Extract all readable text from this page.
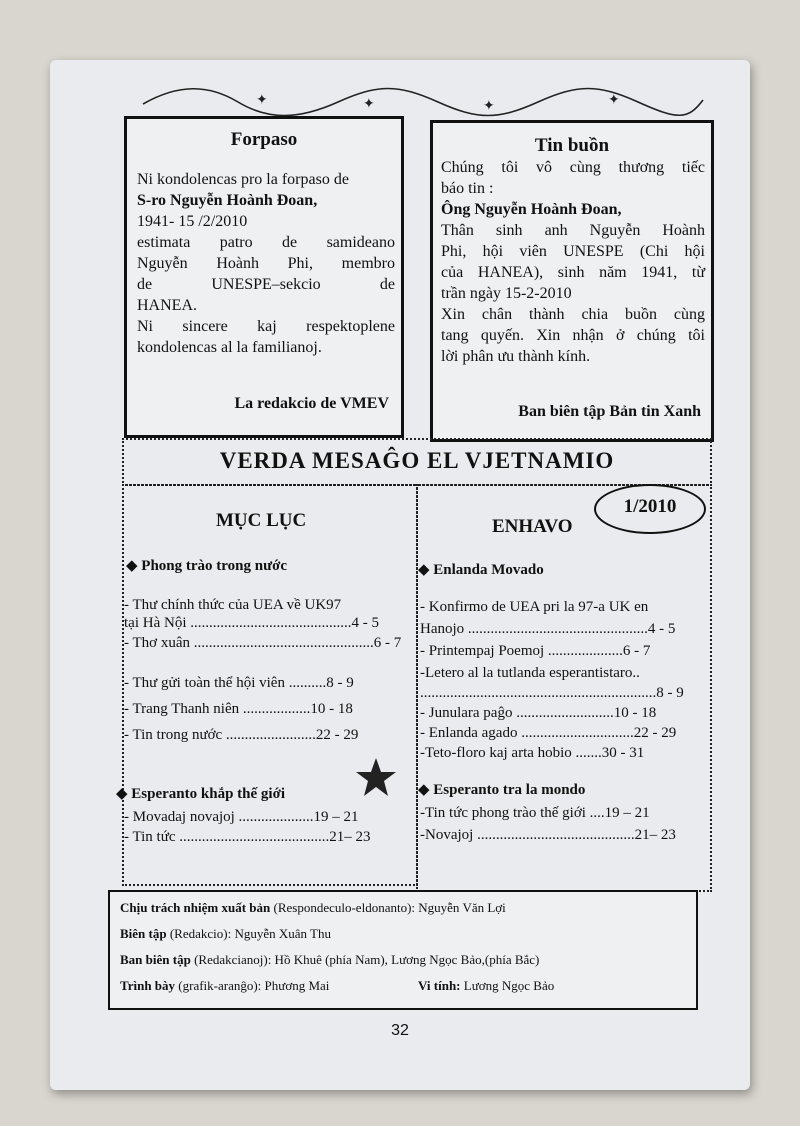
✦	✦	✦	✦
Forpaso
Ni kondolencas pro la forpaso de
S-ro Nguyễn Hoành Đoan,
1941- 15 /2/2010
estimata patro de samideano
Nguyễn Hoành Phi, membro
de UNESPE–sekcio de
HANEA.
Ni sincere kaj respektoplene
kondolencas al la familianoj.
La redakcio de VMEV
Tin buồn
Chúng tôi vô cùng thương tiếc
báo tin :
Ông Nguyễn Hoành Đoan,
Thân sinh anh Nguyễn Hoành
Phi, hội viên UNESPE (Chi hội
của HANEA), sinh năm 1941, từ
trần ngày 15-2-2010
Xin chân thành chia buồn cùng
tang quyến. Xin nhận ở chúng tôi
lời phân ưu thành kính.
Ban biên tập Bản tin Xanh
VERDA MESAĜO EL VJETNAMIO
1/2010
MỤC LỤC
◆ Phong trào trong nước
- Thư chính thức của UEA về UK97
tại Hà Nội ...........................................4 - 5
- Thơ xuân ................................................6 - 7
- Thư gửi toàn thể hội viên ..........8 - 9
- Trang Thanh niên ..................10 - 18
- Tin trong nước ........................22 - 29
◆ Esperanto khắp thế giới
- Movadaj novajoj ....................19 – 21
- Tin tức ........................................21– 23
ENHAVO
◆ Enlanda Movado
- Konfirmo de UEA pri la 97-a UK en
Hanojo ................................................4 - 5
- Printempaj Poemoj ....................6 - 7
-Letero al la tutlanda esperantistaro..
...............................................................8 - 9
- Junulara paĝo ..........................10 - 18
- Enlanda agado ..............................22 - 29
-Teto-floro kaj arta hobio .......30 - 31
◆ Esperanto tra la mondo
-Tin tức phong trào thế giới ....19 – 21
-Novajoj ..........................................21– 23
Chịu trách nhiệm xuất bản (Respondeculo-eldonanto): Nguyễn Văn Lợi
Biên tập (Redakcio): Nguyễn Xuân Thu
Ban biên tập (Redakcianoj): Hồ Khuê (phía Nam), Lương Ngọc Bảo,(phía Bắc)
Trình bày (grafik-aranĝo): Phương Mai	Vi tính: Lương Ngọc Bảo
32
